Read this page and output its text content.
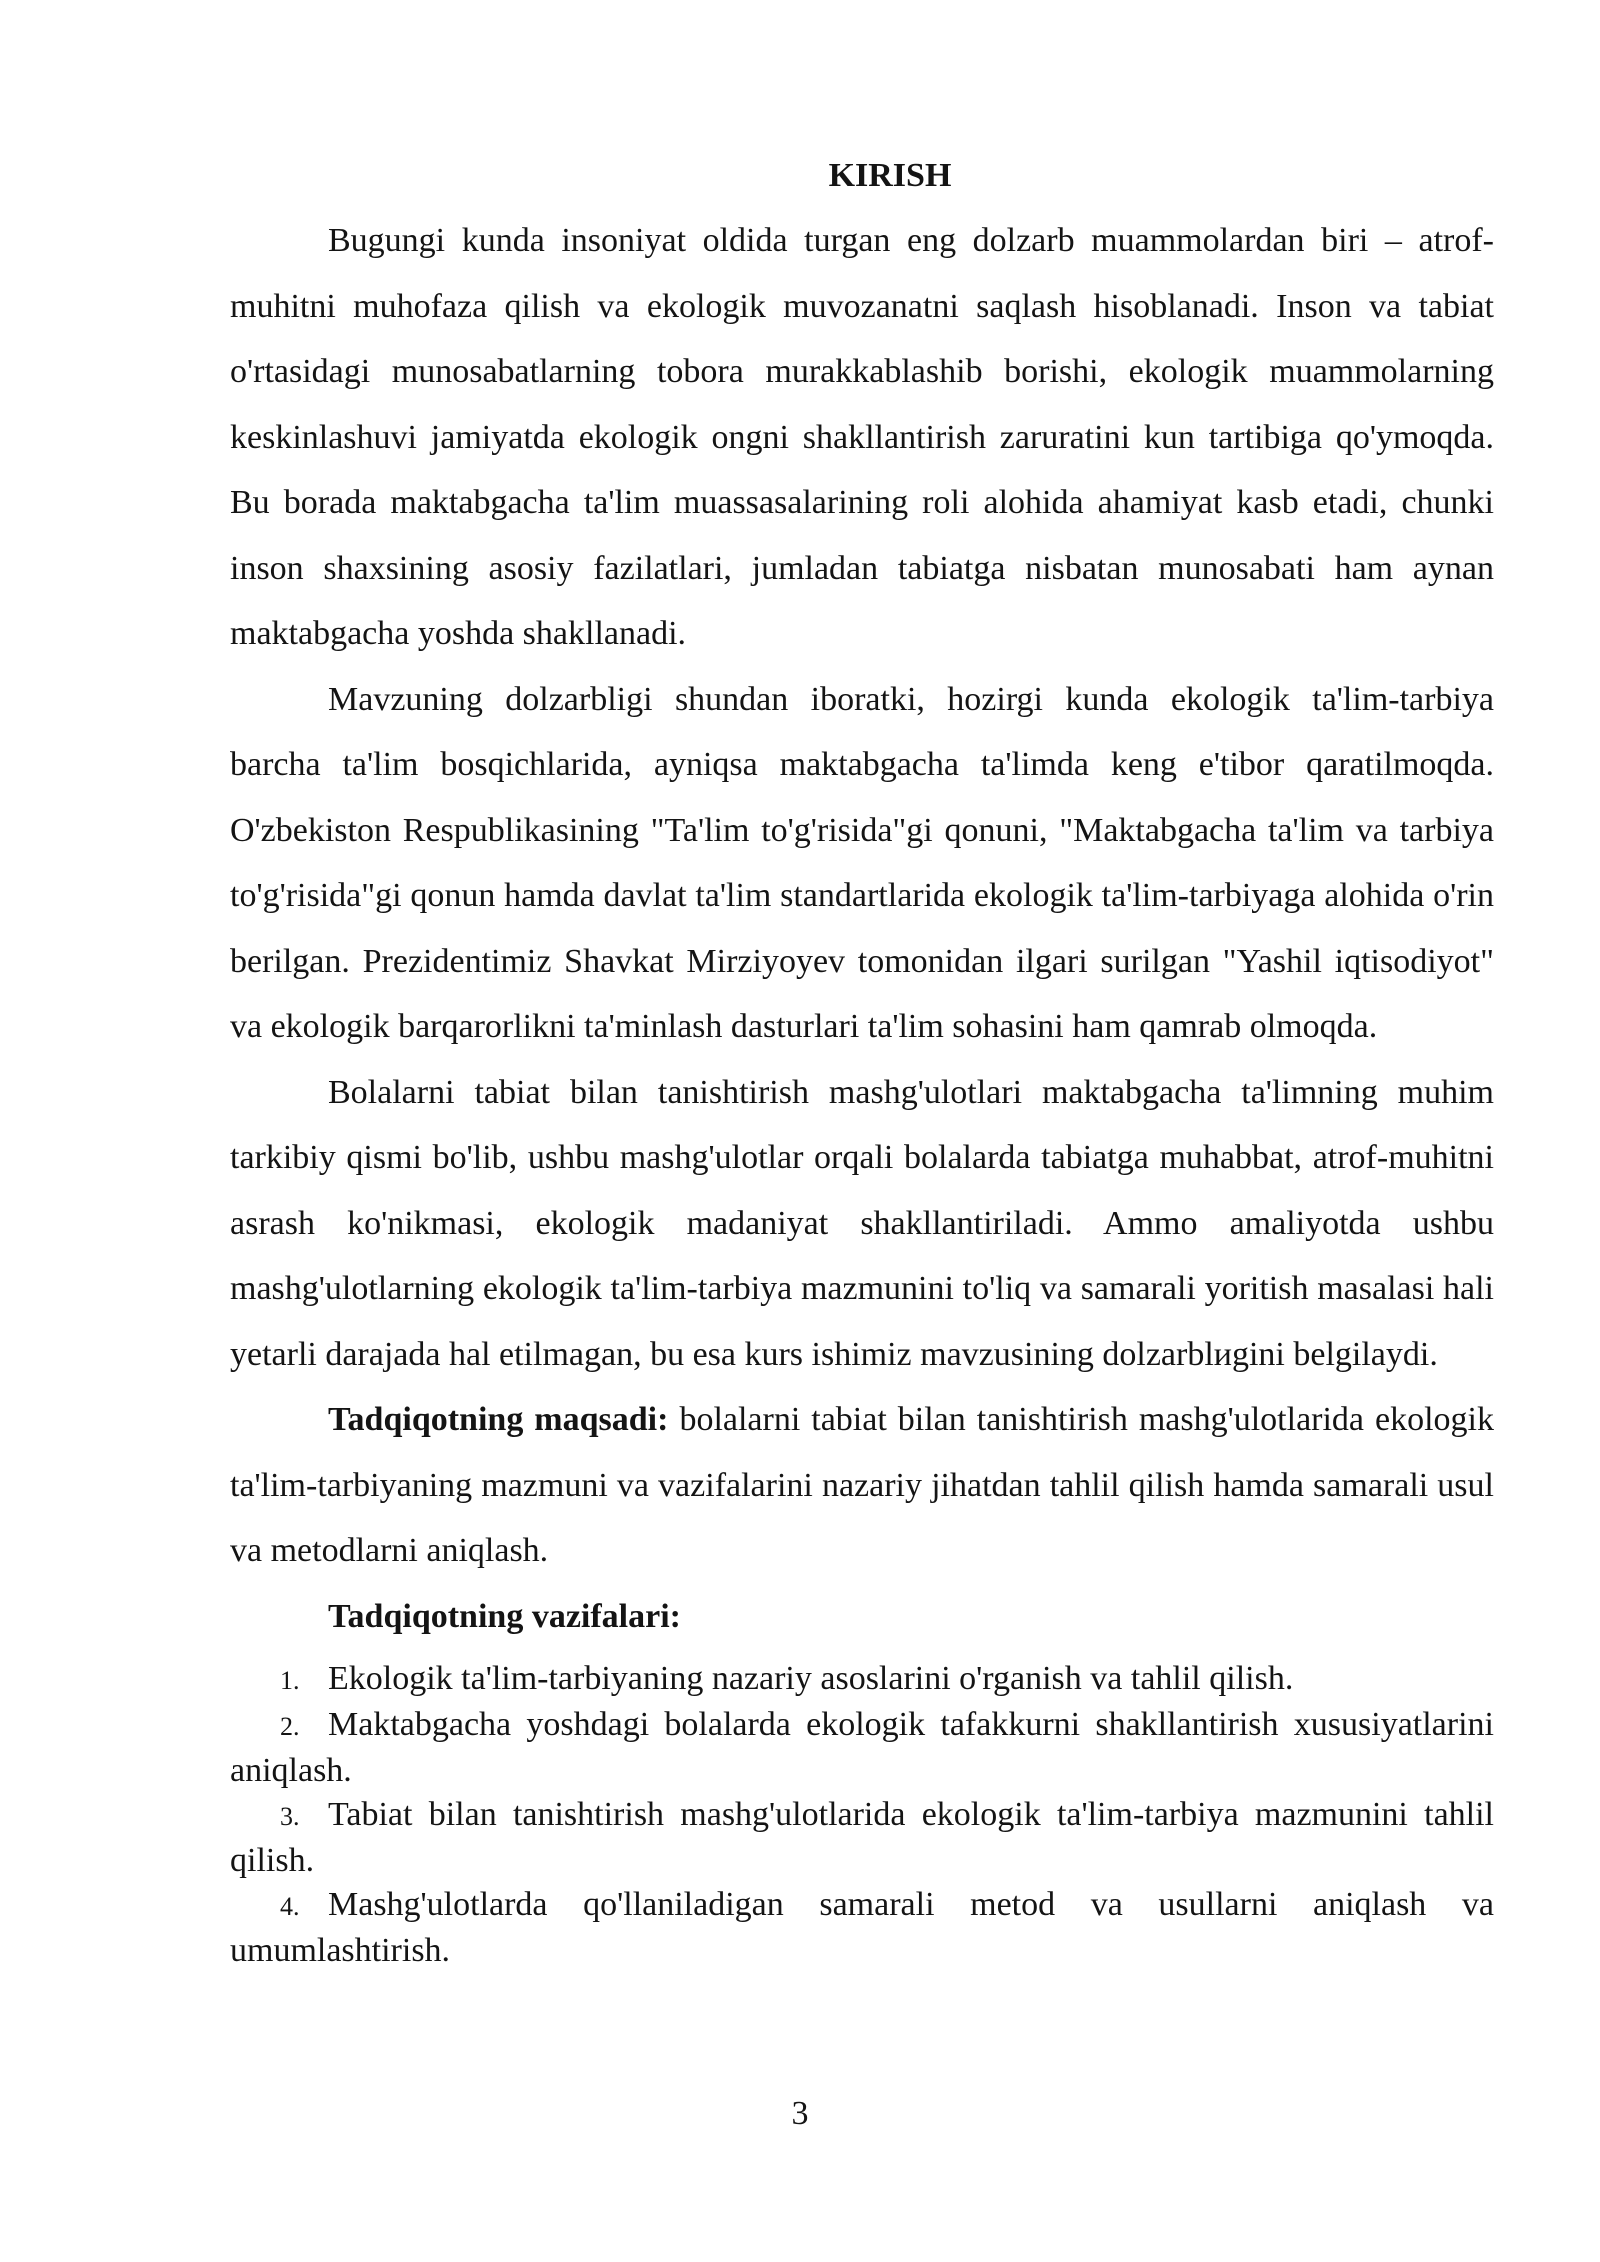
KIRISH

Bugungi kunda insoniyat oldida turgan eng dolzarb muammolardan biri – atrof-muhitni muhofaza qilish va ekologik muvozanatni saqlash hisoblanadi. Inson va tabiat o'rtasidagi munosabatlarning tobora murakkablashib borishi, ekologik muammolarning keskinlashuvi jamiyatda ekologik ongni shakllantirish zaruratini kun tartibiga qo'ymoqda. Bu borada maktabgacha ta'lim muassasalarining roli alohida ahamiyat kasb etadi, chunki inson shaxsining asosiy fazilatlari, jumladan tabiatga nisbatan munosabati ham aynan maktabgacha yoshda shakllanadi.

Mavzuning dolzarbligi shundan iboratki, hozirgi kunda ekologik ta'lim-tarbiya barcha ta'lim bosqichlarida, ayniqsa maktabgacha ta'limda keng e'tibor qaratilmoqda. O'zbekiston Respublikasining "Ta'lim to'g'risida"gi qonuni, "Maktabgacha ta'lim va tarbiya to'g'risida"gi qonun hamda davlat ta'lim standartlarida ekologik ta'lim-tarbiyaga alohida o'rin berilgan. Prezidentimiz Shavkat Mirziyoyev tomonidan ilgari surilgan "Yashil iqtisodiyot" va ekologik barqarorlikni ta'minlash dasturlari ta'lim sohasini ham qamrab olmoqda.

Bolalarni tabiat bilan tanishtirish mashg'ulotlari maktabgacha ta'limning muhim tarkibiy qismi bo'lib, ushbu mashg'ulotlar orqali bolalarda tabiatga muhabbat, atrof-muhitni asrash ko'nikmasi, ekologik madaniyat shakllantiriladi. Ammo amaliyotda ushbu mashg'ulotlarning ekologik ta'lim-tarbiya mazmunini to'liq va samarali yoritish masalasi hali yetarli darajada hal etilmagan, bu esa kurs ishimiz mavzusining dolzarblиgini belgilaydi.

Tadqiqotning maqsadi: bolalarni tabiat bilan tanishtirish mashg'ulotlarida ekologik ta'lim-tarbiyaning mazmuni va vazifalarini nazariy jihatdan tahlil qilish hamda samarali usul va metodlarni aniqlash.

Tadqiqotning vazifalari:

1. Ekologik ta'lim-tarbiyaning nazariy asoslarini o'rganish va tahlil qilish.
2. Maktabgacha yoshdagi bolalarda ekologik tafakkurni shakllantirish xususiyatlarini aniqlash.
3. Tabiat bilan tanishtirish mashg'ulotlarida ekologik ta'lim-tarbiya mazmunini tahlil qilish.
4. Mashg'ulotlarda qo'llaniladigan samarali metod va usullarni aniqlash va umumlashtirish.
3
